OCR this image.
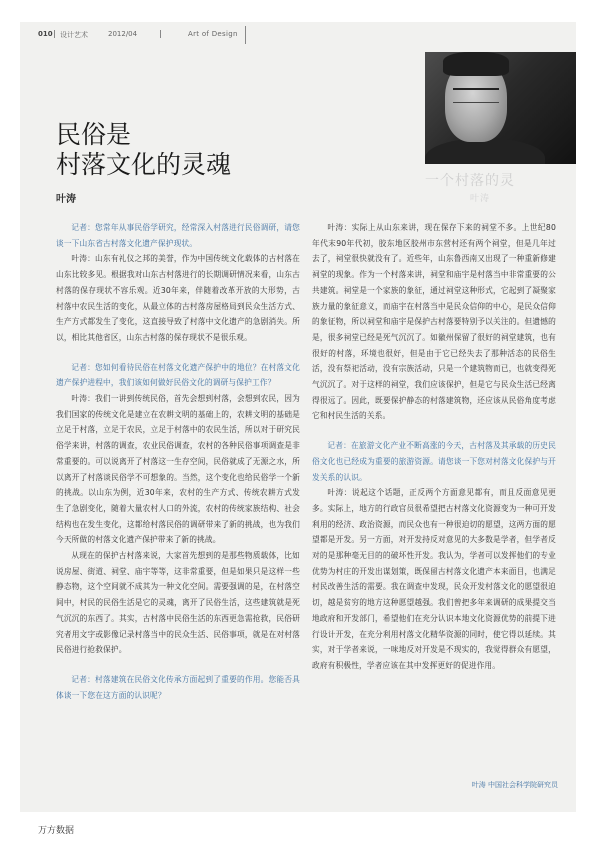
010 设计艺术	2012/04	Art of Design
一个村落的灵
叶涛
民俗是
村落文化的灵魂
叶涛

记者：您常年从事民俗学研究，经常深入村落进行民俗调研，请您谈一下山东省古村落文化遗产保护现状。

叶涛：山东有礼仪之邦的美誉，作为中国传统文化载体的古村落在山东比较多见。根据我对山东古村落进行的长期调研情况来看，山东古村落的保存现状不容乐观。近30年来，伴随着改革开放的大形势，古村落中农民生活的变化，从最立体的古村落房屋格局到民众生活方式、生产方式都发生了变化，这直接导致了村落中文化遗产的急剧消失。所以，相比其他省区，山东古村落的保存现状不是很乐观。

记者：您如何看待民俗在村落文化遗产保护中的地位？在村落文化遗产保护进程中，我们该如何做好民俗文化的调研与保护工作？

叶涛：我们一讲到传统民俗，首先会想到村落，会想到农民，因为我们国家的传统文化是建立在农耕文明的基础上的，农耕文明的基础是立足于村落，立足于农民，立足于村落中的农民生活，所以对于研究民俗学来讲，村落的调查，农业民俗调查，农村的各种民俗事项调查是非常重要的。可以说离开了村落这一生存空间，民俗就成了无源之水，所以离开了村落谈民俗学不可想象的。当然，这个变化也给民俗学一个新的挑战。以山东为例，近30年来，农村的生产方式、传统农耕方式发生了急剧变化，随着大量农村人口的外流，农村的传统家族结构、社会结构也在发生变化，这都给村落民俗的调研带来了新的挑战，也为我们今天所做的村落文化遗产保护带来了新的挑战。

从现在的保护古村落来说，大家首先想到的是那些物质载体，比如说房屋、街道、祠堂、庙宇等等，这非常重要，但是如果只是这样一些静态物，这个空间就不成其为一种文化空间。需要强调的是，在村落空间中，村民的民俗生活是它的灵魂，离开了民俗生活，这些建筑就是死气沉沉的东西了。其实，古村落中民俗生活的东西更急需抢救，民俗研究者用文字或影像记录村落当中的民众生活、民俗事项，就是在对村落民俗进行抢救保护。

记者：村落建筑在民俗文化传承方面起到了重要的作用。您能否具体谈一下您在这方面的认识呢？

叶涛：实际上从山东来讲，现在保存下来的祠堂不多。上世纪80年代末90年代初，胶东地区胶州市东营村还有两个祠堂，但是几年过去了，祠堂很快就没有了。近些年，山东鲁西南又出现了一种重新修建祠堂的现象。作为一个村落来讲，祠堂和庙宇是村落当中非常重要的公共建筑。祠堂是一个家族的象征，通过祠堂这种形式，它起到了凝聚家族力量的象征意义，而庙宇在村落当中是民众信仰的中心，是民众信仰的象征物，所以祠堂和庙宇是保护古村落要特别予以关注的。但遗憾的是，很多祠堂已经是死气沉沉了。如徽州保留了很好的祠堂建筑，也有很好的村落，环境也很好，但是由于它已经失去了那种活态的民俗生活，没有祭祀活动，没有宗族活动，只是一个建筑物而已，也就变得死气沉沉了。对于这样的祠堂，我们应该保护，但是它与民众生活已经离得很远了。因此，既要保护静态的村落建筑物，还应该从民俗角度考虑它和村民生活的关系。

记者：在旅游文化产业不断高涨的今天，古村落及其承载的历史民俗文化也已经成为重要的旅游资源。请您谈一下您对村落文化保护与开发关系的认识。

叶涛：说起这个话题，正反两个方面意见都有，而且反面意见更多。实际上，地方的行政官员很希望把古村落文化资源变为一种可开发利用的经济、政治资源，而民众也有一种很迫切的愿望，这两方面的愿望都是开发。另一方面，对开发持反对意见的大多数是学者，但学者反对的是那种毫无目的的破坏性开发。我认为，学者可以发挥他们的专业优势为村庄的开发出谋划策，既保留古村落文化遗产本来面目，也满足村民改善生活的需要。我在调查中发现，民众开发村落文化的愿望很迫切，越是贫穷的地方这种愿望越强。我们曾把多年来调研的成果提交当地政府和开发部门，希望他们在充分认识本地文化资源优势的前提下进行设计开发，在充分利用村落文化精华资源的同时，使它得以延续。其实，对于学者来说，一味地反对开发是不现实的，我觉得群众有愿望，政府有积极性，学者应该在其中发挥更好的促进作用。

叶涛 中国社会科学院研究员
万方数据
